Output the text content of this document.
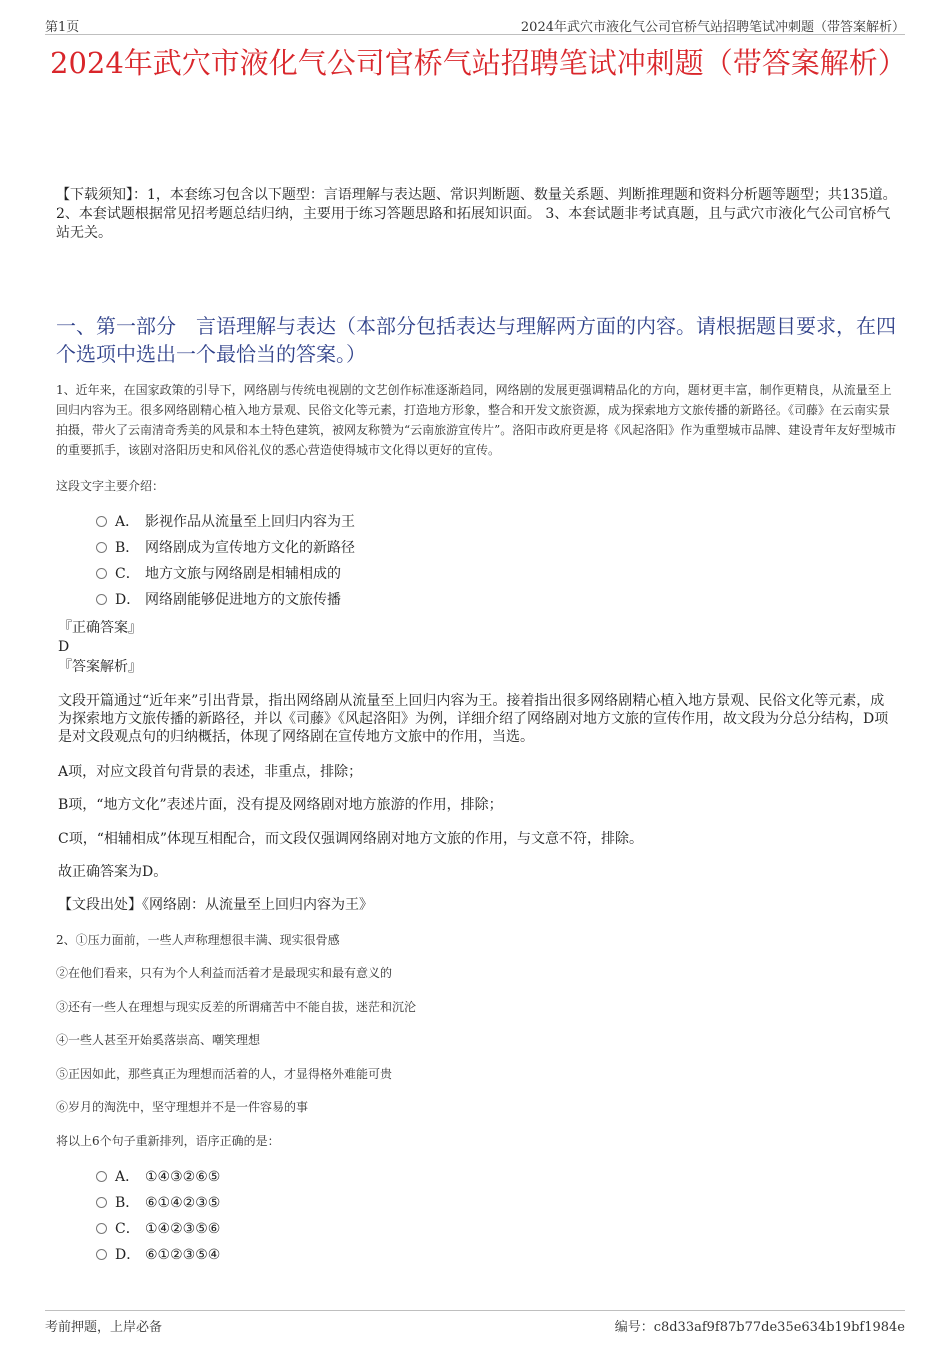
第1页	2024年武穴市液化气公司官桥气站招聘笔试冲刺题（带答案解析）
2024年武穴市液化气公司官桥气站招聘笔试冲刺题（带答案解析）
【下载须知】：1，本套练习包含以下题型：言语理解与表达题、常识判断题、数量关系题、判断推理题和资料分析题等题型；共135道。 2、本套试题根据常见招考题总结归纳，主要用于练习答题思路和拓展知识面。 3、本套试题非考试真题，且与武穴市液化气公司官桥气站无关。
一、第一部分　言语理解与表达（本部分包括表达与理解两方面的内容。请根据题目要求，在四个选项中选出一个最恰当的答案。）
1、近年来，在国家政策的引导下，网络剧与传统电视剧的文艺创作标准逐渐趋同，网络剧的发展更强调精品化的方向，题材更丰富，制作更精良，从流量至上回归内容为王。很多网络剧精心植入地方景观、民俗文化等元素，打造地方形象，整合和开发文旅资源，成为探索地方文旅传播的新路径。《司藤》在云南实景拍摄，带火了云南清奇秀美的风景和本土特色建筑，被网友称赞为“云南旅游宣传片”。洛阳市政府更是将《风起洛阳》作为重塑城市品牌、建设青年友好型城市的重要抓手，该剧对洛阳历史和风俗礼仪的悉心营造使得城市文化得以更好的宣传。
这段文字主要介绍：
A． 影视作品从流量至上回归内容为王
B． 网络剧成为宣传地方文化的新路径
C． 地方文旅与网络剧是相辅相成的
D． 网络剧能够促进地方的文旅传播
『正确答案』
D
『答案解析』
文段开篇通过“近年来”引出背景，指出网络剧从流量至上回归内容为王。接着指出很多网络剧精心植入地方景观、民俗文化等元素，成为探索地方文旅传播的新路径，并以《司藤》《风起洛阳》为例，详细介绍了网络剧对地方文旅的宣传作用，故文段为分总分结构，D项是对文段观点句的归纳概括，体现了网络剧在宣传地方文旅中的作用，当选。
A项，对应文段首句背景的表述，非重点，排除；
B项，“地方文化”表述片面，没有提及网络剧对地方旅游的作用，排除；
C项，“相辅相成”体现互相配合，而文段仅强调网络剧对地方文旅的作用，与文意不符，排除。
故正确答案为D。
【文段出处】《网络剧：从流量至上回归内容为王》
2、①压力面前，一些人声称理想很丰满、现实很骨感
②在他们看来，只有为个人利益而活着才是最现实和最有意义的
③还有一些人在理想与现实反差的所谓痛苦中不能自拔，迷茫和沉沦
④一些人甚至开始奚落崇高、嘲笑理想
⑤正因如此，那些真正为理想而活着的人，才显得格外难能可贵
⑥岁月的淘洗中，坚守理想并不是一件容易的事
将以上6个句子重新排列，语序正确的是：
A． ①④③②⑥⑤
B． ⑥①④②③⑤
C． ①④②③⑤⑥
D． ⑥①②③⑤④
考前押题，上岸必备	编号：c8d33af9f87b77de35e634b19bf1984e
